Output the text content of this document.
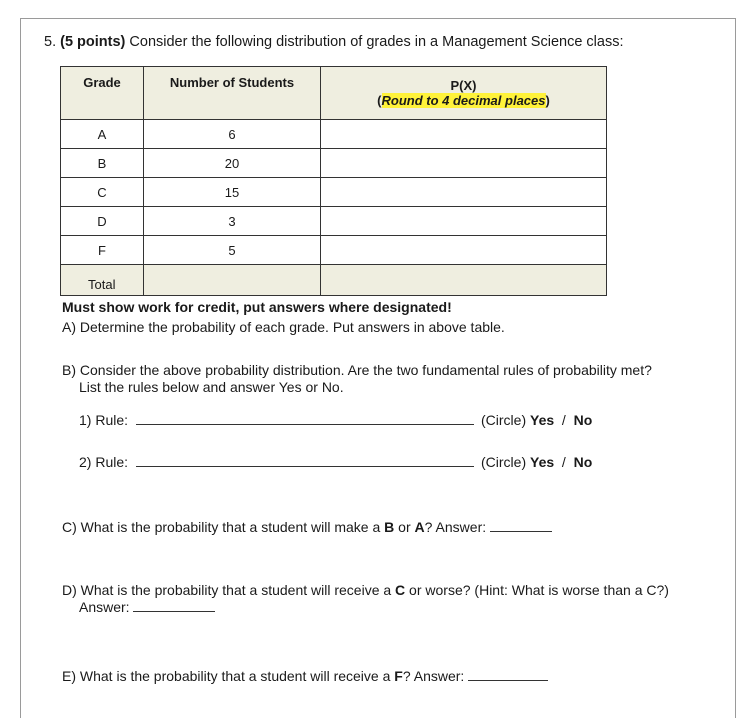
5. (5 points) Consider the following distribution of grades in a Management Science class:
Grade	Number of Students	P(X)
(Round to 4 decimal places)

A	6	
B	20	
C	15	
D	3	
F	5	
Total		
Must show work for credit, put answers where designated!
A) Determine the probability of each grade. Put answers in above table.
B) Consider the above probability distribution. Are the two fundamental rules of probability met?
List the rules below and answer Yes or No.
1) Rule:	(Circle) Yes / No
2) Rule:	(Circle) Yes / No
C) What is the probability that a student will make a B or A? Answer:
D) What is the probability that a student will receive a C or worse? (Hint: What is worse than a C?)
Answer:
E) What is the probability that a student will receive a F? Answer:
